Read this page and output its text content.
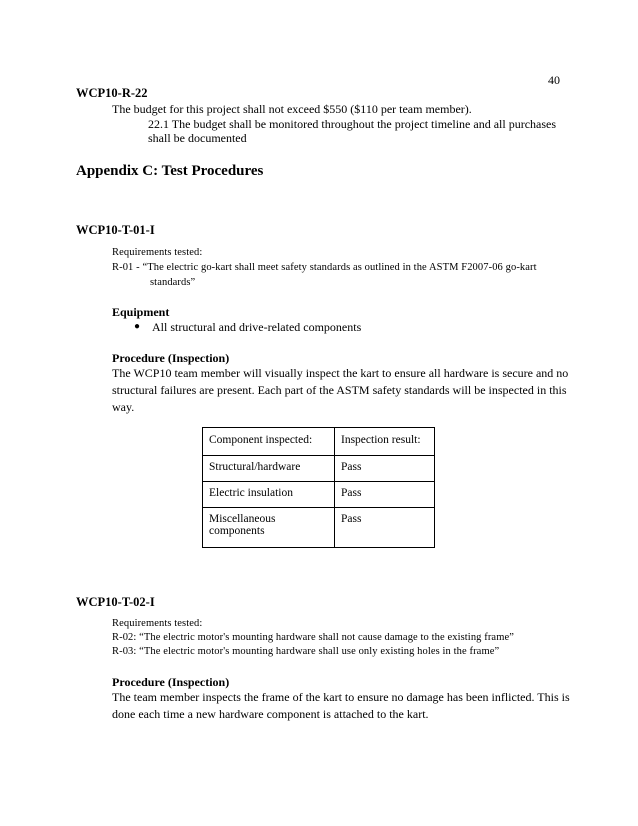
40
WCP10-R-22
The budget for this project shall not exceed $550 ($110 per team member).
22.1 The budget shall be monitored throughout the project timeline and all purchases
shall be documented
Appendix C: Test Procedures
WCP10-T-01-I
Requirements tested:
R-01 - “The electric go-kart shall meet safety standards as outlined in the ASTM F2007-06 go-kart
standards”
Equipment
● All structural and drive-related components
Procedure (Inspection)
The WCP10 team member will visually inspect the kart to ensure all hardware is secure and no
structural failures are present. Each part of the ASTM safety standards will be inspected in this
way.
Component inspected:	Inspection result:
Structural/hardware	Pass
Electric insulation	Pass

Miscellaneous
components	Pass
WCP10-T-02-I
Requirements tested:
R-02: “The electric motor's mounting hardware shall not cause damage to the existing frame”
R-03: “The electric motor's mounting hardware shall use only existing holes in the frame”
Procedure (Inspection)
The team member inspects the frame of the kart to ensure no damage has been inflicted. This is
done each time a new hardware component is attached to the kart.
